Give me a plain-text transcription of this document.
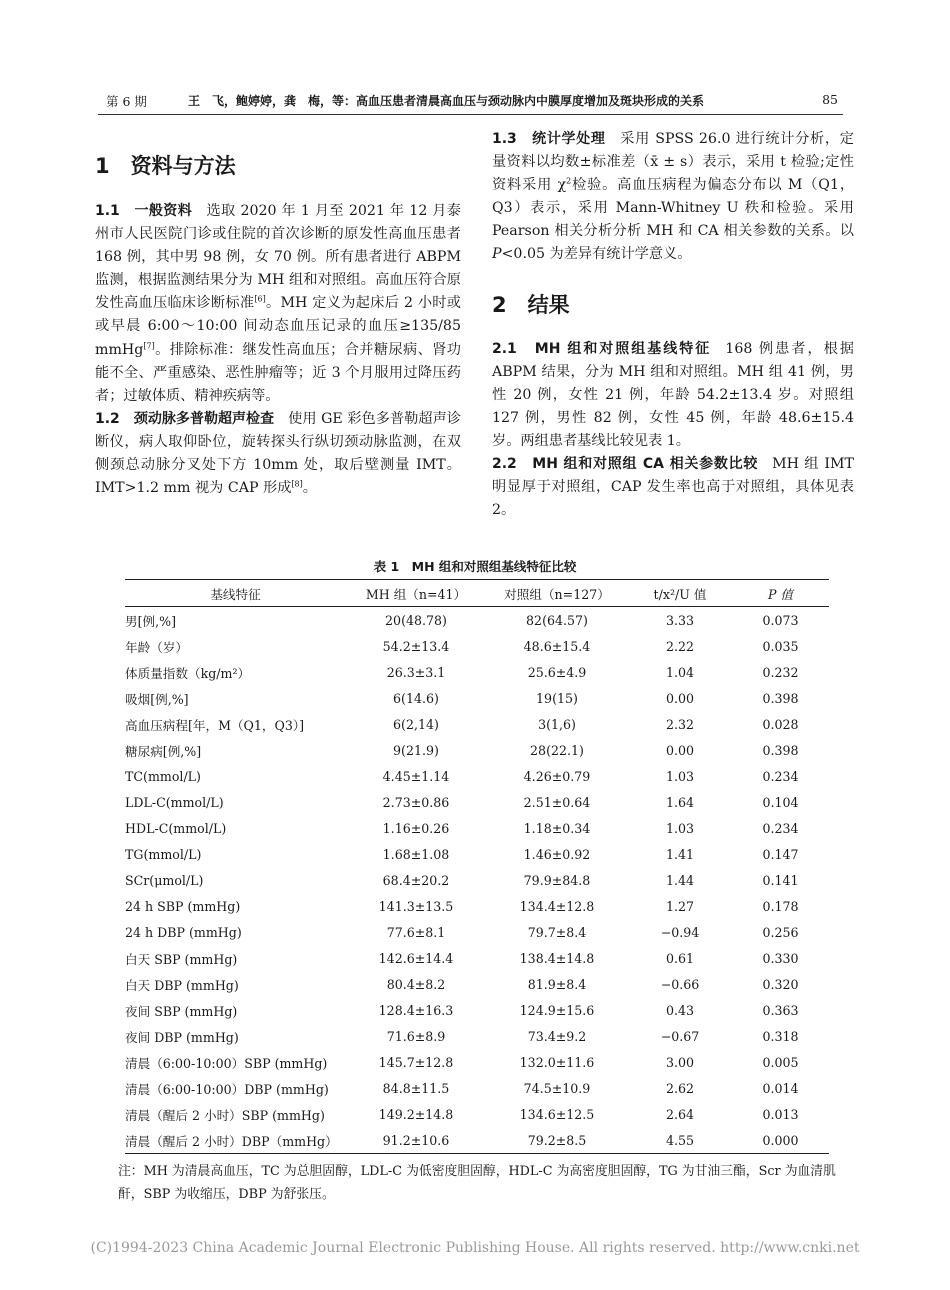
第 6 期	王　飞，鲍婷婷，龚　梅，等：高血压患者清晨高血压与颈动脉内中膜厚度增加及斑块形成的关系	85
1　资料与方法

1.1　一般资料 选取 2020 年 1 月至 2021 年 12 月泰州市人民医院门诊或住院的首次诊断的原发性高血压患者 168 例，其中男 98 例，女 70 例。所有患者进行 ABPM 监测，根据监测结果分为 MH 组和对照组。高血压符合原发性高血压临床诊断标准[6]。MH 定义为起床后 2 小时或或早晨 6:00～10:00 间动态血压记录的血压≥135/85 mmHg[7]。排除标准：继发性高血压；合并糖尿病、肾功能不全、严重感染、恶性肿瘤等；近 3 个月服用过降压药者；过敏体质、精神疾病等。

1.2　颈动脉多普勒超声检查 使用 GE 彩色多普勒超声诊断仪，病人取仰卧位，旋转探头行纵切颈动脉监测，在双侧颈总动脉分叉处下方 10mm 处，取后壁测量 IMT。IMT>1.2 mm 视为 CAP 形成[8]。

1.3　统计学处理 采用 SPSS 26.0 进行统计分析，定量资料以均数±标准差（x̄ ± s）表示，采用 t 检验;定性资料采用 $\chi^2$检验。高血压病程为偏态分布以 M（Q1，Q3）表示，采用 Mann-Whitney U 秩和检验。采用 Pearson 相关分析分析 MH 和 CA 相关参数的关系。以 P<0.05 为差异有统计学意义。

2　结果

2.1　MH 组和对照组基线特征 168 例患者，根据 ABPM 结果，分为 MH 组和对照组。MH 组 41 例，男性 20 例，女性 21 例，年龄 54.2±13.4 岁。对照组 127 例，男性 82 例，女性 45 例，年龄 48.6±15.4 岁。两组患者基线比较见表 1。

2.2　MH 组和对照组 CA 相关参数比较 MH 组 IMT 明显厚于对照组，CAP 发生率也高于对照组，具体见表 2。

表 1　MH 组和对照组基线特征比较
基线特征	MH 组（n=41）	对照组（n=127）	t/x²/U 值	P 值
男[例,%]	20(48.78)	82(64.57)	3.33	0.073
年龄（岁）	54.2±13.4	48.6±15.4	2.22	0.035
体质量指数（kg/m²）	26.3±3.1	25.6±4.9	1.04	0.232
吸烟[例,%]	6(14.6)	19(15)	0.00	0.398
高血压病程[年，M（Q1，Q3）]	6(2,14)	3(1,6)	2.32	0.028
糖尿病[例,%]	9(21.9)	28(22.1)	0.00	0.398
TC(mmol/L)	4.45±1.14	4.26±0.79	1.03	0.234
LDL-C(mmol/L)	2.73±0.86	2.51±0.64	1.64	0.104
HDL-C(mmol/L)	1.16±0.26	1.18±0.34	1.03	0.234
TG(mmol/L)	1.68±1.08	1.46±0.92	1.41	0.147
SCr(μmol/L)	68.4±20.2	79.9±84.8	1.44	0.141
24 h SBP (mmHg)	141.3±13.5	134.4±12.8	1.27	0.178
24 h DBP (mmHg)	77.6±8.1	79.7±8.4	−0.94	0.256
白天 SBP (mmHg)	142.6±14.4	138.4±14.8	0.61	0.330
白天 DBP (mmHg)	80.4±8.2	81.9±8.4	−0.66	0.320
夜间 SBP (mmHg)	128.4±16.3	124.9±15.6	0.43	0.363
夜间 DBP (mmHg)	71.6±8.9	73.4±9.2	−0.67	0.318
清晨（6:00-10:00）SBP (mmHg)	145.7±12.8	132.0±11.6	3.00	0.005
清晨（6:00-10:00）DBP (mmHg)	84.8±11.5	74.5±10.9	2.62	0.014
清晨（醒后 2 小时）SBP (mmHg)	149.2±14.8	134.6±12.5	2.64	0.013
清晨（醒后 2 小时）DBP（mmHg）	91.2±10.6	79.2±8.5	4.55	0.000
注：MH 为清晨高血压，TC 为总胆固醇，LDL-C 为低密度胆固醇，HDL-C 为高密度胆固醇，TG 为甘油三酯，Scr 为血清肌酐，SBP 为收缩压，DBP 为舒张压。
(C)1994-2023 China Academic Journal Electronic Publishing House. All rights reserved. http://www.cnki.net
